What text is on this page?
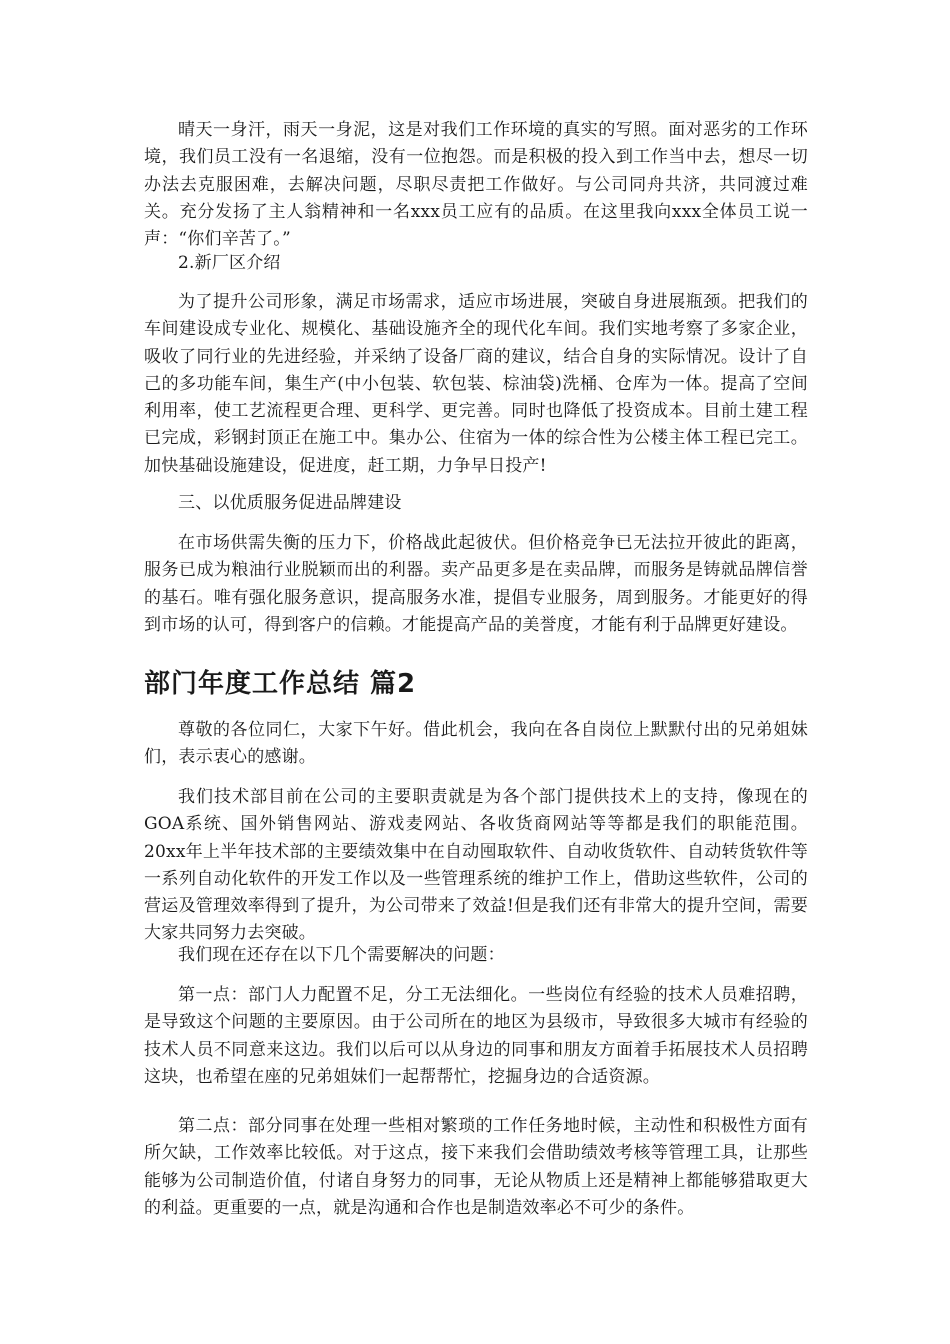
晴天一身汗，雨天一身泥，这是对我们工作环境的真实的写照。面对恶劣的工作环境，我们员工没有一名退缩，没有一位抱怨。而是积极的投入到工作当中去，想尽一切办法去克服困难，去解决问题，尽职尽责把工作做好。与公司同舟共济，共同渡过难关。充分发扬了主人翁精神和一名xxx员工应有的品质。在这里我向xxx全体员工说一声：“你们辛苦了。”

2.新厂区介绍

为了提升公司形象，满足市场需求，适应市场进展，突破自身进展瓶颈。把我们的车间建设成专业化、规模化、基础设施齐全的现代化车间。我们实地考察了多家企业，吸收了同行业的先进经验，并采纳了设备厂商的建议，结合自身的实际情况。设计了自己的多功能车间，集生产(中小包装、软包装、棕油袋)洗桶、仓库为一体。提高了空间利用率，使工艺流程更合理、更科学、更完善。同时也降低了投资成本。目前土建工程已完成，彩钢封顶正在施工中。集办公、住宿为一体的综合性为公楼主体工程已完工。加快基础设施建设，促进度，赶工期，力争早日投产!

三、以优质服务促进品牌建设

在市场供需失衡的压力下，价格战此起彼伏。但价格竞争已无法拉开彼此的距离，服务已成为粮油行业脱颖而出的利器。卖产品更多是在卖品牌，而服务是铸就品牌信誉的基石。唯有强化服务意识，提高服务水准，提倡专业服务，周到服务。才能更好的得到市场的认可，得到客户的信赖。才能提高产品的美誉度，才能有利于品牌更好建设。

部门年度工作总结 篇2

尊敬的各位同仁，大家下午好。借此机会，我向在各自岗位上默默付出的兄弟姐妹们，表示衷心的感谢。

我们技术部目前在公司的主要职责就是为各个部门提供技术上的支持，像现在的GOA系统、国外销售网站、游戏麦网站、各收货商网站等等都是我们的职能范围。20xx年上半年技术部的主要绩效集中在自动囤取软件、自动收货软件、自动转货软件等一系列自动化软件的开发工作以及一些管理系统的维护工作上，借助这些软件，公司的营运及管理效率得到了提升，为公司带来了效益!但是我们还有非常大的提升空间，需要大家共同努力去突破。

我们现在还存在以下几个需要解决的问题：

第一点：部门人力配置不足，分工无法细化。一些岗位有经验的技术人员难招聘，是导致这个问题的主要原因。由于公司所在的地区为县级市，导致很多大城市有经验的技术人员不同意来这边。我们以后可以从身边的同事和朋友方面着手拓展技术人员招聘这块，也希望在座的兄弟姐妹们一起帮帮忙，挖掘身边的合适资源。

第二点：部分同事在处理一些相对繁琐的工作任务地时候，主动性和积极性方面有所欠缺，工作效率比较低。对于这点，接下来我们会借助绩效考核等管理工具，让那些能够为公司制造价值，付诸自身努力的同事，无论从物质上还是精神上都能够猎取更大的利益。更重要的一点，就是沟通和合作也是制造效率必不可少的条件。
